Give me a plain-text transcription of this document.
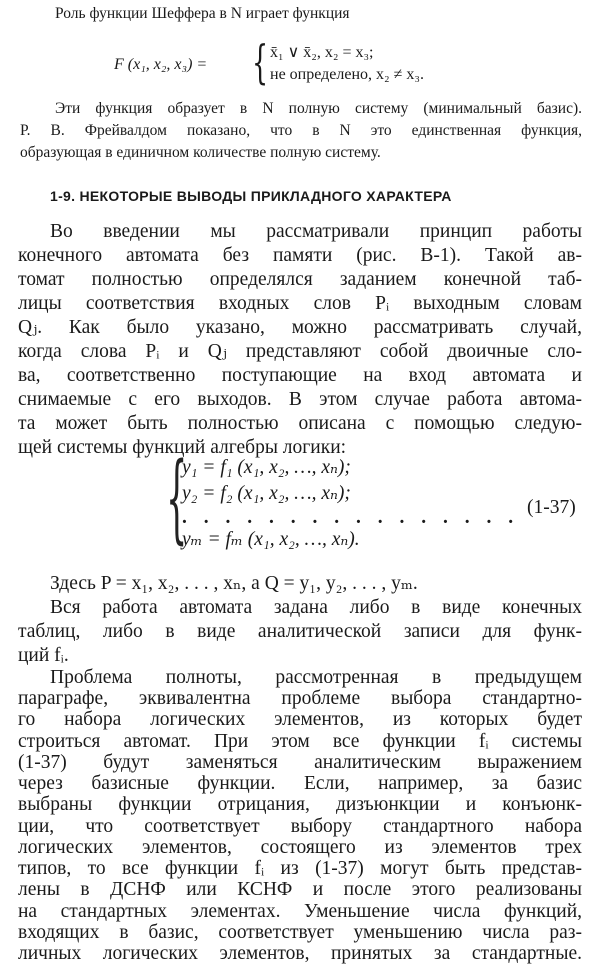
Роль функции Шеффера в N играет функция
F (x₁, x₂, x₃) = { x̄₁ ∨ x̄₂, x₂ = x₃;
не определено, x₂ ≠ x₃.
Эти функция образует в N полную систему (минимальный базис).
Р. В. Фрейвалдом показано, что в N это единственная функция,
образующая в единичном количестве полную систему.
1-9. НЕКОТОРЫЕ ВЫВОДЫ ПРИКЛАДНОГО ХАРАКТЕРА
Во введении мы рассматривали принцип работы
конечного автомата без памяти (рис. В-1). Такой ав-
томат полностью определялся заданием конечной таб-
лицы соответствия входных слов Pᵢ выходным словам
Qⱼ. Как было указано, можно рассматривать случай,
когда слова Pᵢ и Qⱼ представляют собой двоичные сло-
ва, соответственно поступающие на вход автомата и
снимаемые с его выходов. В этом случае работа автома-
та может быть полностью описана с помощью следую-
щей системы функций алгебры логики:
{
y₁ = f₁ (x₁, x₂, …, xₙ);
y₂ = f₂ (x₁, x₂, …, xₙ);
. . . . . . . . . . . . . . . .
yₘ = fₘ (x₁, x₂, …, xₙ).
(1-37)
Здесь P = x₁, x₂, . . . , xₙ, а Q = y₁, y₂, . . . , yₘ.
Вся работа автомата задана либо в виде конечных
таблиц, либо в виде аналитической записи для функ-
ций fᵢ.
Проблема полноты, рассмотренная в предыдущем
параграфе, эквивалентна проблеме выбора стандартно-
го набора логических элементов, из которых будет
строиться автомат. При этом все функции fᵢ системы
(1-37) будут заменяться аналитическим выражением
через базисные функции. Если, например, за базис
выбраны функции отрицания, дизъюнкции и конъюнк-
ции, что соответствует выбору стандартного набора
логических элементов, состоящего из элементов трех
типов, то все функции fᵢ из (1-37) могут быть представ-
лены в ДСНФ или КСНФ и после этого реализованы
на стандартных элементах. Уменьшение числа функций,
входящих в базис, соответствует уменьшению числа раз-
личных логических элементов, принятых за стандартные.
